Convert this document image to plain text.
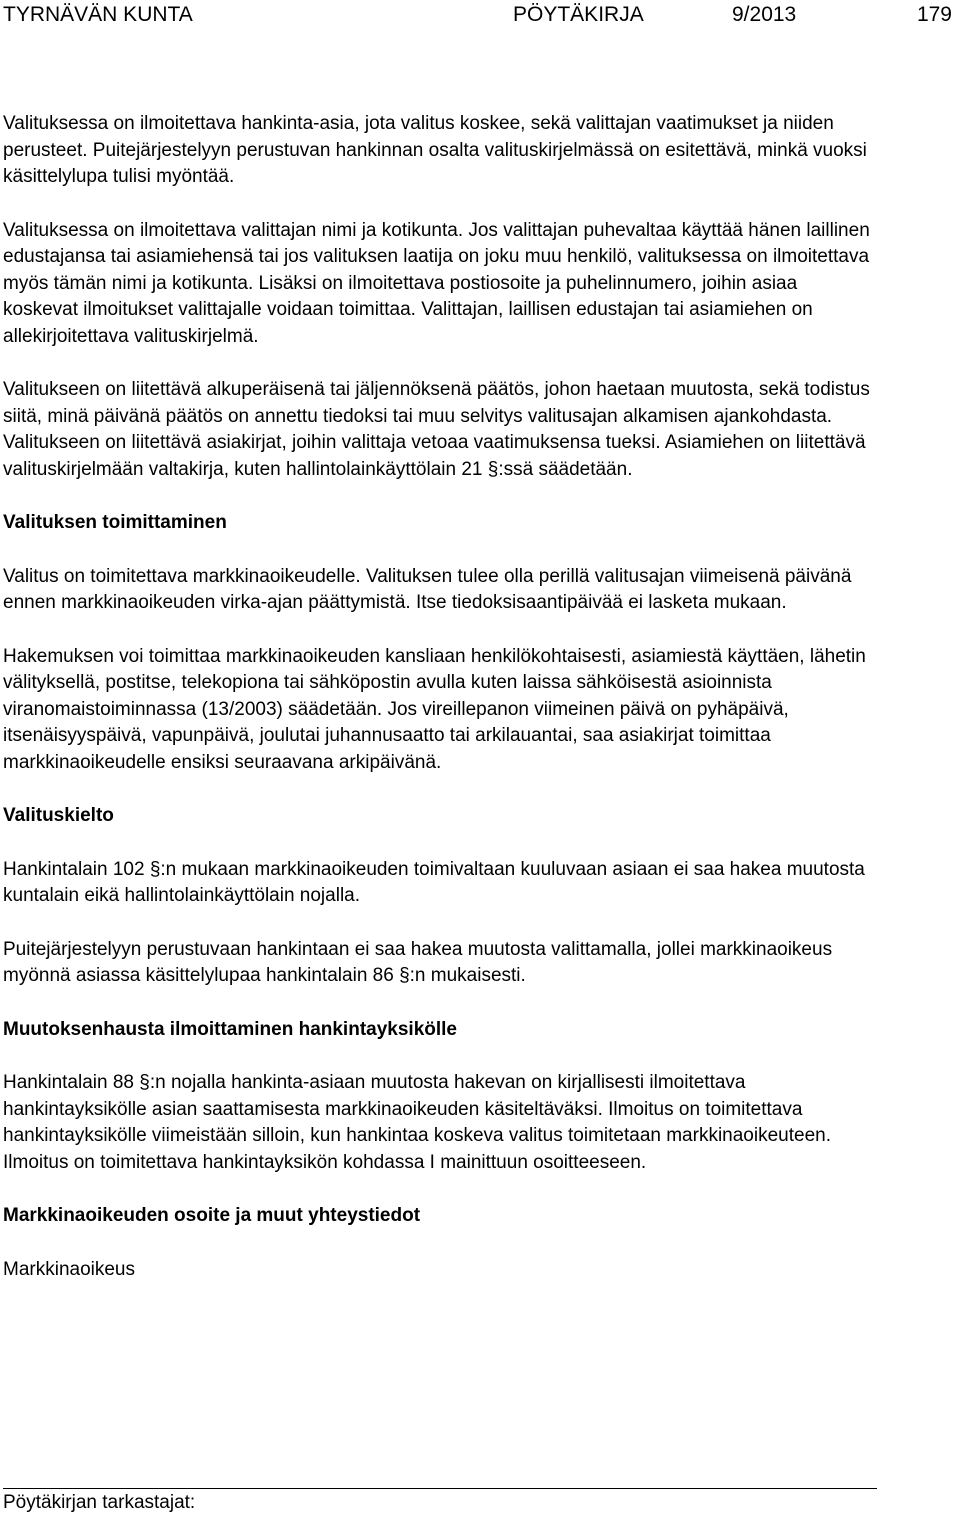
TYRNÄVÄN KUNTA	PÖYTÄKIRJA	9/2013	179

Valituksessa on ilmoitettava hankinta-asia, jota valitus koskee, sekä valittajan vaatimukset ja niiden perusteet. Puitejärjestelyyn perustuvan hankinnan osalta valituskirjelmässä on esitettävä, minkä vuoksi käsittelylupa tulisi myöntää.

Valituksessa on ilmoitettava valittajan nimi ja kotikunta. Jos valittajan puhevaltaa käyttää hänen laillinen edustajansa tai asiamiehensä tai jos valituksen laatija on joku muu henkilö, valituksessa on ilmoitettava myös tämän nimi ja kotikunta. Lisäksi on ilmoitettava postiosoite ja puhelinnumero, joihin asiaa koskevat ilmoitukset valittajalle voidaan toimittaa. Valittajan, laillisen edustajan tai asiamiehen on allekirjoitettava valituskirjelmä.

Valitukseen on liitettävä alkuperäisenä tai jäljennöksenä päätös, johon haetaan muutosta, sekä todistus siitä, minä päivänä päätös on annettu tiedoksi tai muu selvitys valitusajan alkamisen ajankohdasta. Valitukseen on liitettävä asiakirjat, joihin valittaja vetoaa vaatimuksensa tueksi. Asiamiehen on liitettävä valituskirjelmään valtakirja, kuten hallintolainkäyttölain 21 §:ssä säädetään.

Valituksen toimittaminen

Valitus on toimitettava markkinaoikeudelle. Valituksen tulee olla perillä valitusajan viimeisenä päivänä ennen markkinaoikeuden virka-ajan päättymistä. Itse tiedoksisaantipäivää ei lasketa mukaan.

Hakemuksen voi toimittaa markkinaoikeuden kansliaan henkilökohtaisesti, asiamiestä käyttäen, lähetin välityksellä, postitse, telekopiona tai sähköpostin avulla kuten laissa sähköisestä asioinnista viranomaistoiminnassa (13/2003) säädetään. Jos vireillepanon viimeinen päivä on pyhäpäivä, itsenäisyyspäivä, vapunpäivä, joulutai juhannusaatto tai arkilauantai, saa asiakirjat toimittaa markkinaoikeudelle ensiksi seuraavana arkipäivänä.

Valituskielto

Hankintalain 102 §:n mukaan markkinaoikeuden toimivaltaan kuuluvaan asiaan ei saa hakea muutosta kuntalain eikä hallintolainkäyttölain nojalla.

Puitejärjestelyyn perustuvaan hankintaan ei saa hakea muutosta valittamalla, jollei markkinaoikeus myönnä asiassa käsittelylupaa hankintalain 86 §:n mukaisesti.

Muutoksenhausta ilmoittaminen hankintayksikölle

Hankintalain 88 §:n nojalla hankinta-asiaan muutosta hakevan on kirjallisesti ilmoitettava hankintayksikölle asian saattamisesta markkinaoikeuden käsiteltäväksi. Ilmoitus on toimitettava hankintayksikölle viimeistään silloin, kun hankintaa koskeva valitus toimitetaan markkinaoikeuteen. Ilmoitus on toimitettava hankintayksikön kohdassa I mainittuun osoitteeseen.

Markkinaoikeuden osoite ja muut yhteystiedot

Markkinaoikeus

Pöytäkirjan tarkastajat:
